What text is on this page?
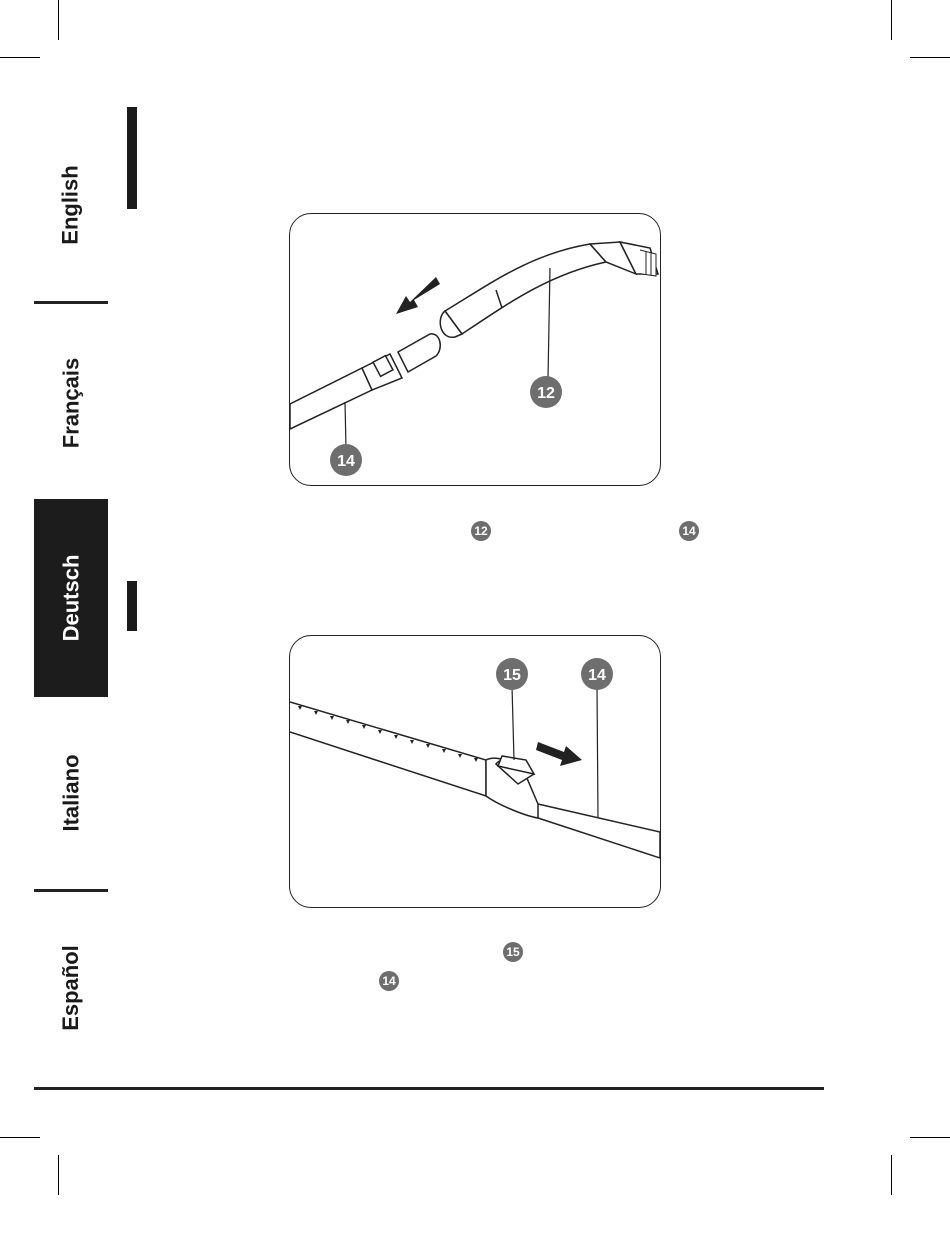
English
Français
Deutsch
Italiano
Español
12
14
12	14
15	14
15
14
